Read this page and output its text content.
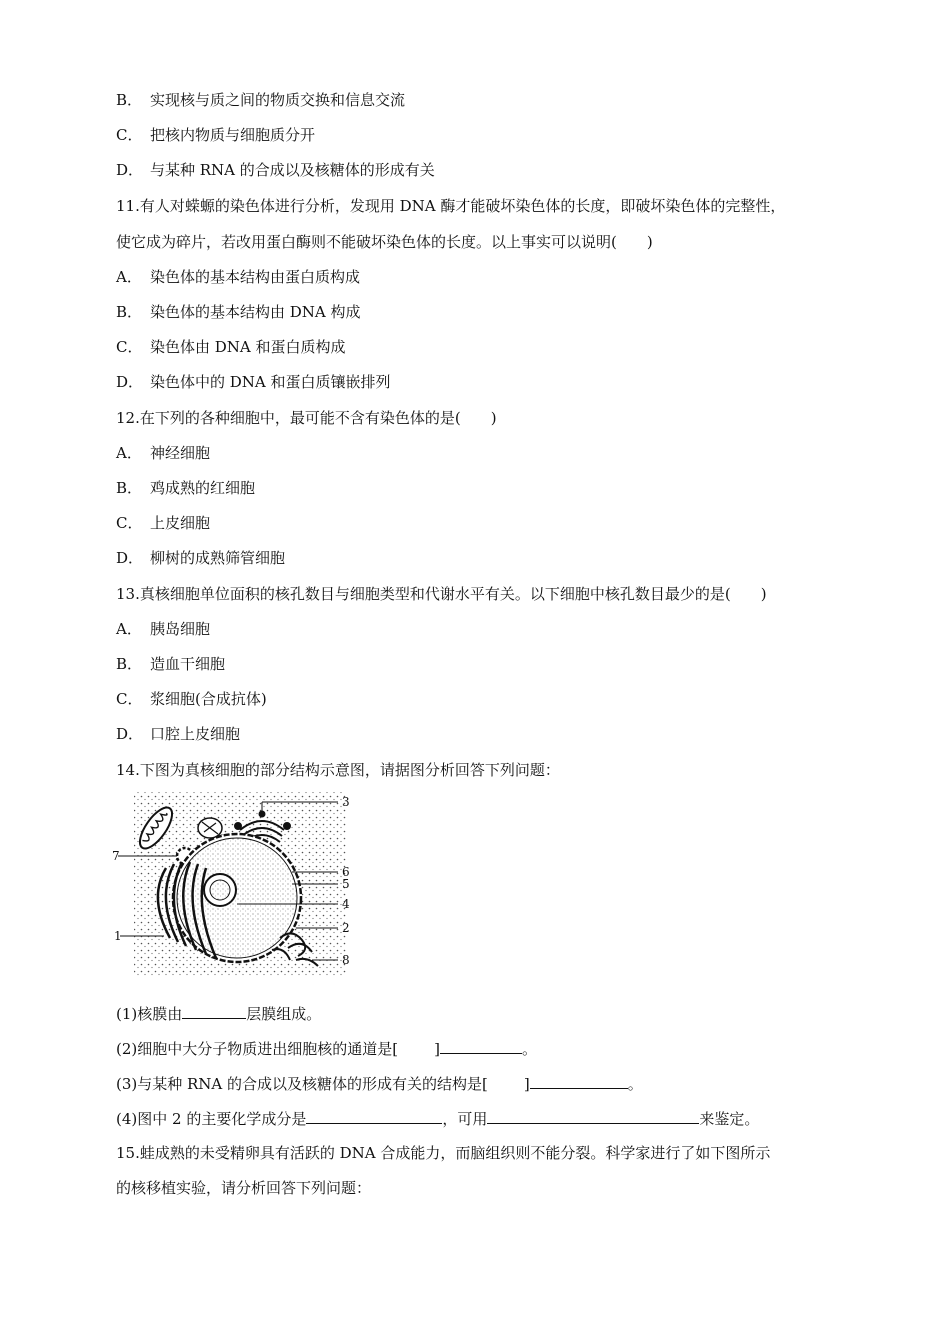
B． 实现核与质之间的物质交换和信息交流
C． 把核内物质与细胞质分开
D． 与某种 RNA 的合成以及核糖体的形成有关
11.有人对蝾螈的染色体进行分析，发现用 DNA 酶才能破坏染色体的长度，即破坏染色体的完整性，
使它成为碎片，若改用蛋白酶则不能破坏染色体的长度。以上事实可以说明(　　)
A． 染色体的基本结构由蛋白质构成
B． 染色体的基本结构由 DNA 构成
C． 染色体由 DNA 和蛋白质构成
D． 染色体中的 DNA 和蛋白质镶嵌排列
12.在下列的各种细胞中，最可能不含有染色体的是(　　)
A． 神经细胞
B． 鸡成熟的红细胞
C． 上皮细胞
D． 柳树的成熟筛管细胞
13.真核细胞单位面积的核孔数目与细胞类型和代谢水平有关。以下细胞中核孔数目最少的是(　　)
A． 胰岛细胞
B． 造血干细胞
C． 浆细胞(合成抗体)
D． 口腔上皮细胞
14.下图为真核细胞的部分结构示意图，请据图分析回答下列问题：
7
1
3
6
5
4
2
8
(1)核膜由	层膜组成。
(2)细胞中大分子物质进出细胞核的通道是[ ]	。
(3)与某种 RNA 的合成以及核糖体的形成有关的结构是[ ]	。
(4)图中 2 的主要化学成分是	，可用	来鉴定。
15.蛙成熟的未受精卵具有活跃的 DNA 合成能力，而脑组织则不能分裂。科学家进行了如下图所示
的核移植实验，请分析回答下列问题：
